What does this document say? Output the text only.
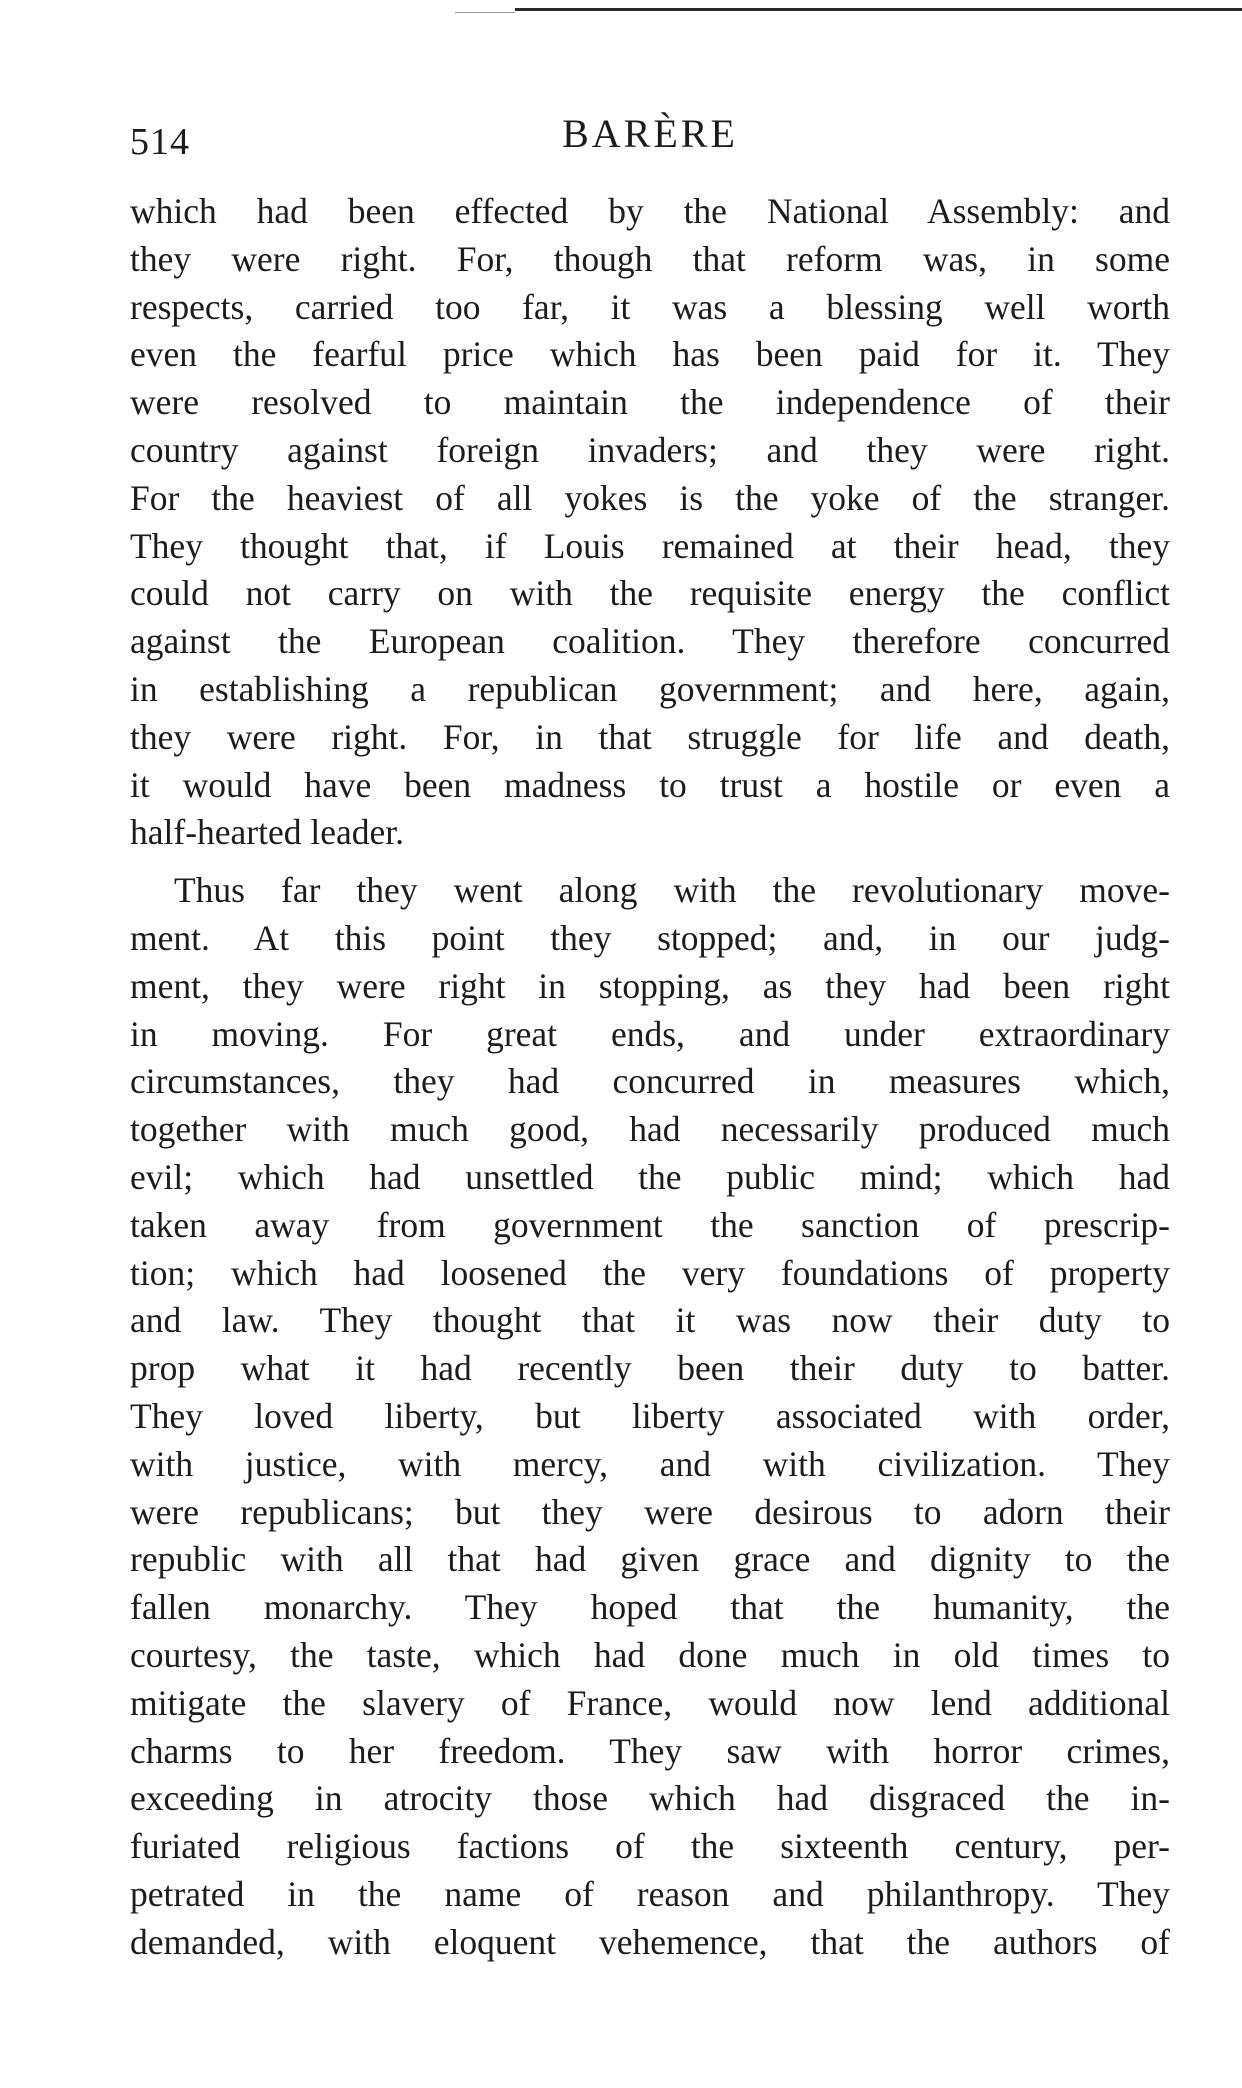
514	BARÈRE
which had been effected by the National Assembly: and
they were right. For, though that reform was, in some
respects, carried too far, it was a blessing well worth
even the fearful price which has been paid for it. They
were resolved to maintain the independence of their
country against foreign invaders; and they were right.
For the heaviest of all yokes is the yoke of the stranger.
They thought that, if Louis remained at their head, they
could not carry on with the requisite energy the conflict
against the European coalition. They therefore concurred
in establishing a republican government; and here, again,
they were right. For, in that struggle for life and death,
it would have been madness to trust a hostile or even a
half-hearted leader.
Thus far they went along with the revolutionary move-
ment. At this point they stopped; and, in our judg-
ment, they were right in stopping, as they had been right
in moving. For great ends, and under extraordinary
circumstances, they had concurred in measures which,
together with much good, had necessarily produced much
evil; which had unsettled the public mind; which had
taken away from government the sanction of prescrip-
tion; which had loosened the very foundations of property
and law. They thought that it was now their duty to
prop what it had recently been their duty to batter.
They loved liberty, but liberty associated with order,
with justice, with mercy, and with civilization. They
were republicans; but they were desirous to adorn their
republic with all that had given grace and dignity to the
fallen monarchy. They hoped that the humanity, the
courtesy, the taste, which had done much in old times to
mitigate the slavery of France, would now lend additional
charms to her freedom. They saw with horror crimes,
exceeding in atrocity those which had disgraced the in-
furiated religious factions of the sixteenth century, per-
petrated in the name of reason and philanthropy. They
demanded, with eloquent vehemence, that the authors of
